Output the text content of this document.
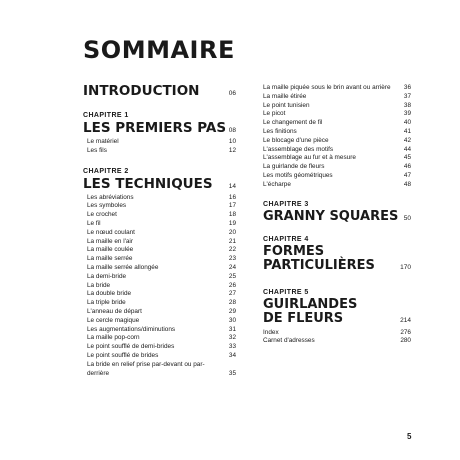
SOMMAIRE
INTRODUCTION	06
CHAPITRE 1
LES PREMIERS PAS 08
Le matériel	10
Les fils	12
CHAPITRE 2
LES TECHNIQUES 14
Les abréviations	16
Les symboles	17
Le crochet	18
Le fil	19
Le nœud coulant	20
La maille en l'air	21
La maille coulée	22
La maille serrée	23
La maille serrée allongée	24
La demi-bride	25
La bride	26
La double bride	27
La triple bride	28
L'anneau de départ	29
Le cercle magique	30
Les augmentations/diminutions	31
La maille pop-corn	32
Le point soufflé de demi-brides	33
Le point soufflé de brides	34
La bride en relief prise par-devant ou par-derrière	35
La maille piquée sous le brin avant ou arrière	36
La maille étirée	37
Le point tunisien	38
Le picot	39
Le changement de fil	40
Les finitions	41
Le blocage d'une pièce	42
L'assemblage des motifs	44
L'assemblage au fur et à mesure	45
La guirlande de fleurs	46
Les motifs géométriques	47
L'écharpe	48
CHAPITRE 3
GRANNY SQUARES 50
CHAPITRE 4
FORMES
PARTICULIÈRES	170
CHAPITRE 5
GUIRLANDES
DE FLEURS	214
Index	276
Carnet d'adresses	280
5
